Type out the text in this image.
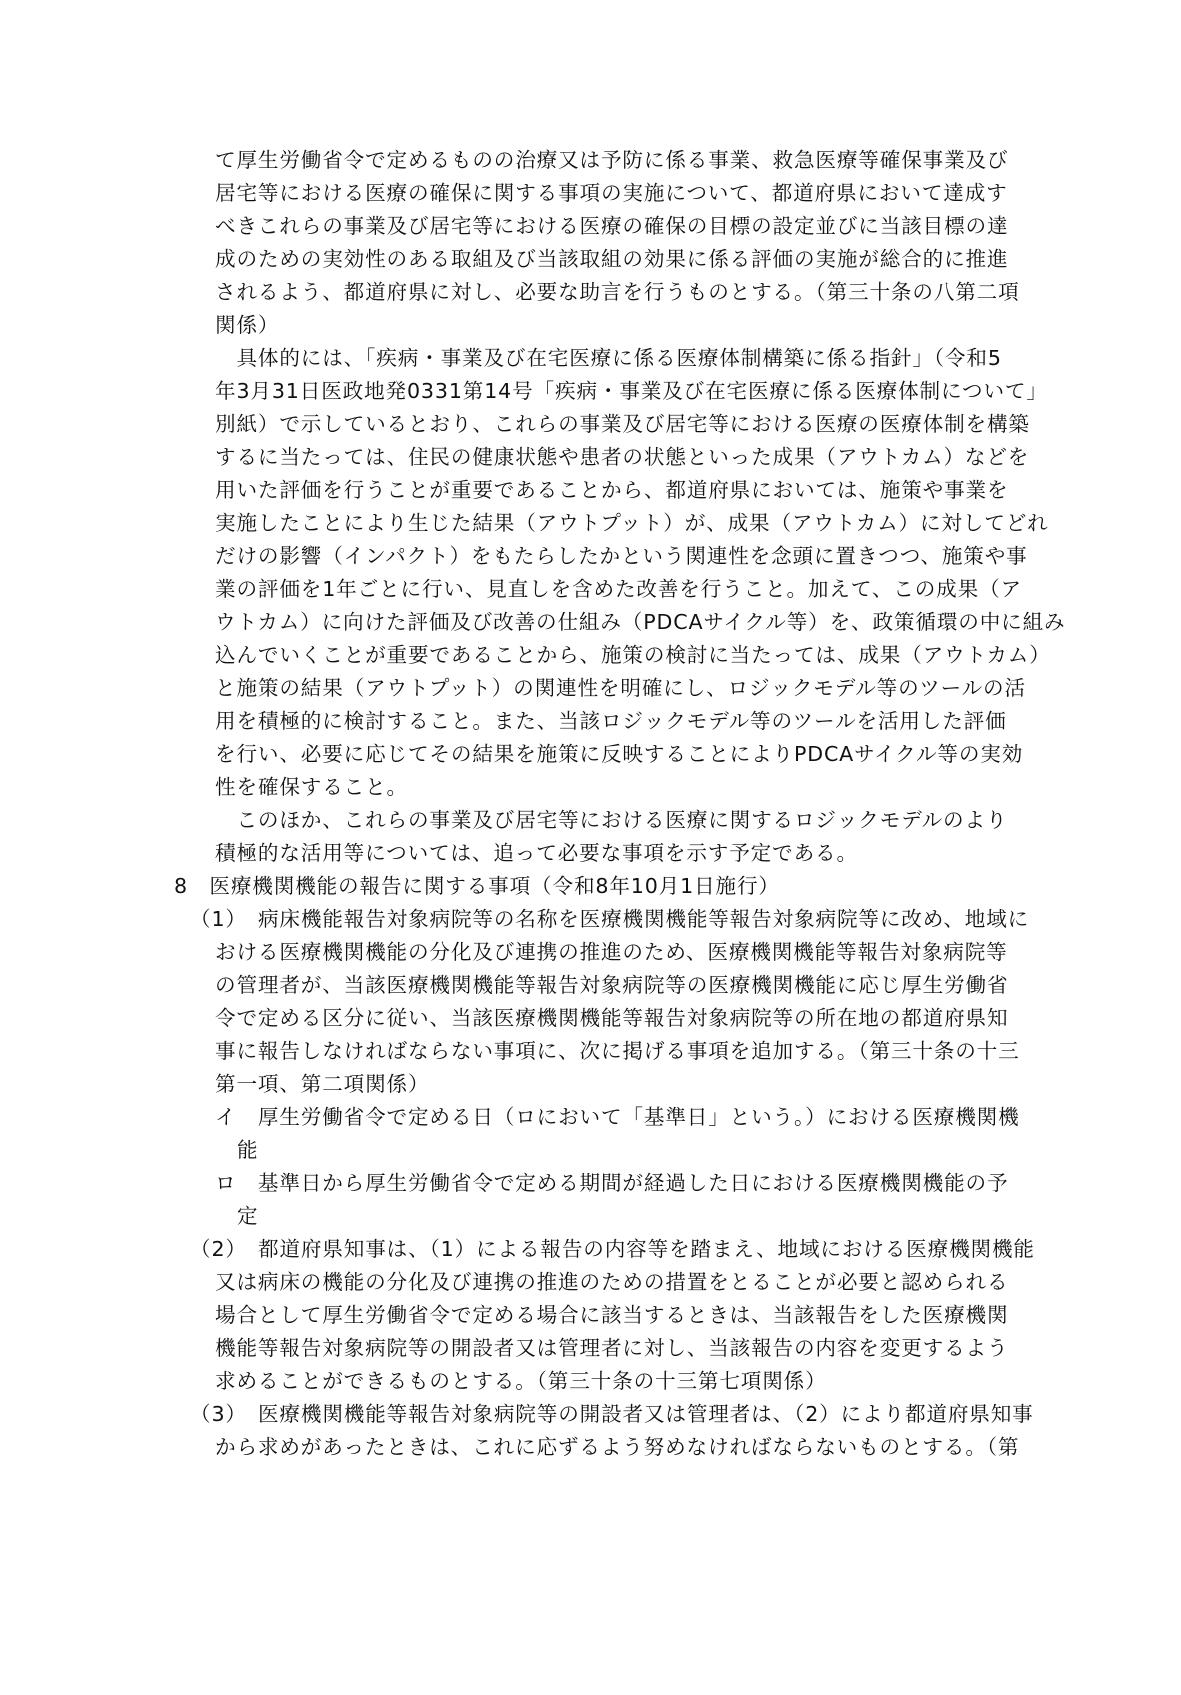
て厚生労働省令で定めるものの治療又は予防に係る事業、救急医療等確保事業及び
居宅等における医療の確保に関する事項の実施について、都道府県において達成す
べきこれらの事業及び居宅等における医療の確保の目標の設定並びに当該目標の達
成のための実効性のある取組及び当該取組の効果に係る評価の実施が総合的に推進
されるよう、都道府県に対し、必要な助言を行うものとする。（第三十条の八第二項
関係）
　具体的には、「疾病・事業及び在宅医療に係る医療体制構築に係る指針」（令和5
年3月31日医政地発0331第14号「疾病・事業及び在宅医療に係る医療体制について」
別紙）で示しているとおり、これらの事業及び居宅等における医療の医療体制を構築
するに当たっては、住民の健康状態や患者の状態といった成果（アウトカム）などを
用いた評価を行うことが重要であることから、都道府県においては、施策や事業を
実施したことにより生じた結果（アウトプット）が、成果（アウトカム）に対してどれ
だけの影響（インパクト）をもたらしたかという関連性を念頭に置きつつ、施策や事
業の評価を1年ごとに行い、見直しを含めた改善を行うこと。加えて、この成果（ア
ウトカム）に向けた評価及び改善の仕組み（PDCAサイクル等）を、政策循環の中に組み
込んでいくことが重要であることから、施策の検討に当たっては、成果（アウトカム）
と施策の結果（アウトプット）の関連性を明確にし、ロジックモデル等のツールの活
用を積極的に検討すること。また、当該ロジックモデル等のツールを活用した評価
を行い、必要に応じてその結果を施策に反映することによりPDCAサイクル等の実効
性を確保すること。
　このほか、これらの事業及び居宅等における医療に関するロジックモデルのより
積極的な活用等については、追って必要な事項を示す予定である。
8　医療機関機能の報告に関する事項（令和8年10月1日施行）
（1）　病床機能報告対象病院等の名称を医療機関機能等報告対象病院等に改め、地域に
おける医療機関機能の分化及び連携の推進のため、医療機関機能等報告対象病院等
の管理者が、当該医療機関機能等報告対象病院等の医療機関機能に応じ厚生労働省
令で定める区分に従い、当該医療機関機能等報告対象病院等の所在地の都道府県知
事に報告しなければならない事項に、次に掲げる事項を追加する。（第三十条の十三
第一項、第二項関係）
イ　厚生労働省令で定める日（ロにおいて「基準日」という。）における医療機関機
能
ロ　基準日から厚生労働省令で定める期間が経過した日における医療機関機能の予
定
（2）　都道府県知事は、（1）による報告の内容等を踏まえ、地域における医療機関機能
又は病床の機能の分化及び連携の推進のための措置をとることが必要と認められる
場合として厚生労働省令で定める場合に該当するときは、当該報告をした医療機関
機能等報告対象病院等の開設者又は管理者に対し、当該報告の内容を変更するよう
求めることができるものとする。（第三十条の十三第七項関係）
（3）　医療機関機能等報告対象病院等の開設者又は管理者は、（2）により都道府県知事
から求めがあったときは、これに応ずるよう努めなければならないものとする。（第
